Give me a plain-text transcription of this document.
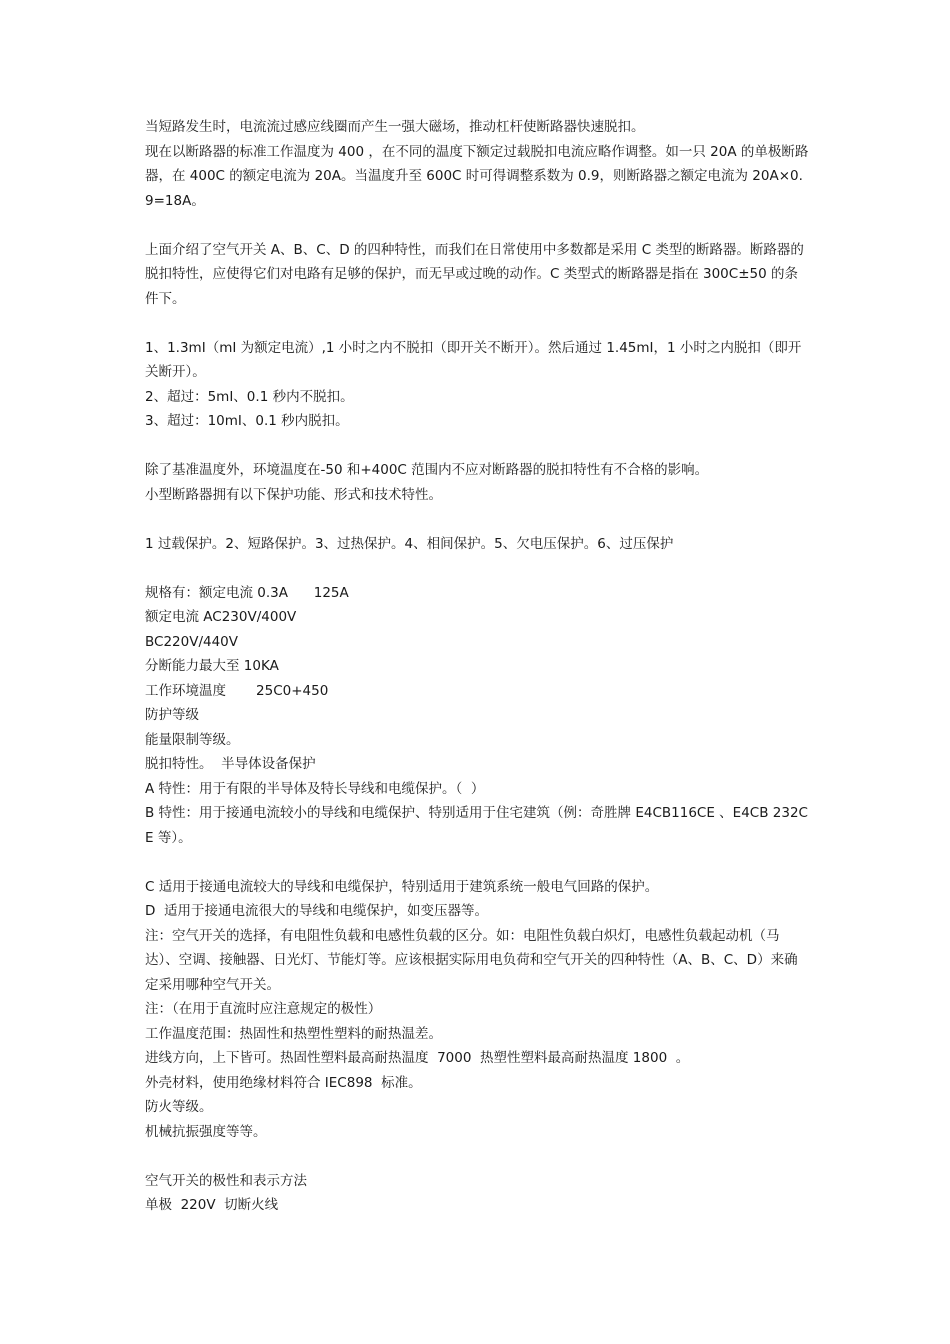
当短路发生时，电流流过感应线圈而产生一强大磁场，推动杠杆使断路器快速脱扣。

现在以断路器的标准工作温度为 400 ，在不同的温度下额定过载脱扣电流应略作调整。如一只 20A 的单极断路器，在 400C 的额定电流为 20A。当温度升至 600C 时可得调整系数为 0.9，则断路器之额定电流为 20A×0.9=18A。

上面介绍了空气开关 A、B、C、D 的四种特性，而我们在日常使用中多数都是采用 C 类型的断路器。断路器的脱扣特性，应使得它们对电路有足够的保护，而无早或过晚的动作。C 类型式的断路器是指在 300C±50 的条件下。

1、1.3mI（mI 为额定电流）,1 小时之内不脱扣（即开关不断开）。然后通过 1.45mI，1 小时之内脱扣（即开关断开）。

2、超过：5mI、0.1 秒内不脱扣。

3、超过：10mI、0.1 秒内脱扣。

除了基准温度外，环境温度在-50 和+400C 范围内不应对断路器的脱扣特性有不合格的影响。

小型断路器拥有以下保护功能、形式和技术特性。

1 过载保护。2、短路保护。3、过热保护。4、相间保护。5、欠电压保护。6、过压保护

规格有：额定电流 0.3A      125A

额定电流 AC230V/400V

BC220V/440V

分断能力最大至 10KA

工作环境温度       25C0+450

防护等级

能量限制等级。

脱扣特性。  半导体设备保护

A 特性：用于有限的半导体及特长导线和电缆保护。（  ）

B 特性：用于接通电流较小的导线和电缆保护、特别适用于住宅建筑（例：奇胜牌 E4CB116CE 、E4CB 232CE 等）。

C 适用于接通电流较大的导线和电缆保护，特别适用于建筑系统一般电气回路的保护。

D  适用于接通电流很大的导线和电缆保护，如变压器等。

注：空气开关的选择，有电阻性负载和电感性负载的区分。如：电阻性负载白炽灯，电感性负载起动机（马达）、空调、接触器、日光灯、节能灯等。应该根据实际用电负荷和空气开关的四种特性（A、B、C、D）来确定采用哪种空气开关。

注：（在用于直流时应注意规定的极性）

工作温度范围：热固性和热塑性塑料的耐热温差。

进线方向，上下皆可。热固性塑料最高耐热温度  7000  热塑性塑料最高耐热温度 1800  。

外壳材料，使用绝缘材料符合 IEC898  标准。

防火等级。

机械抗振强度等等。

空气开关的极性和表示方法

单极  220V  切断火线
